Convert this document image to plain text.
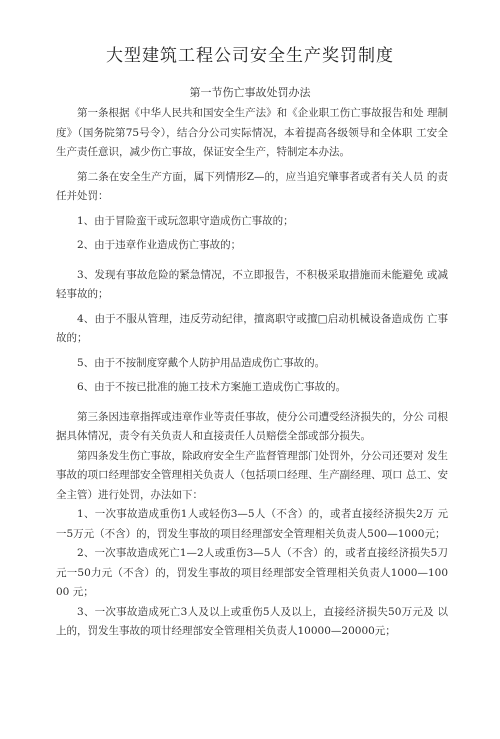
大型建筑工程公司安全生产奖罚制度
第一节伤亡事故处罚办法

第一条根据《中华人民共和国安全生产法》和《企业职工伤亡事故报告和处 理制度》（国务院第75号令），结合分公司实际情况，本着提高各级领导和全体职 工安全生产责任意识，减少伤亡事故，保证安全生产，特制定本办法。

第二条在安全生产方面，属下列情形Z—的，应当追究肇事者或者有关人员 的责任并处罚：

1、由于冒险蛮干或玩忽职守造成伤亡事故的；

2、由于违章作业造成伤亡事故的；

3、发现有事故危险的紧急情况，不立即报告，不积极采取措施而未能避免 或减轻事故的；

4、由于不服从管理，违反劳动纪律，擅离职守或擅□启动机械设备造成伤 亡事故的；

5、由于不按制度穿戴个人防护用品造成伤亡事故的。

6、由于不按已批准的施工技术方案施工造成伤亡事故的。

第三条因违章指挥或违章作业等责任事故，使分公司遭受经济损失的，分公 司根据具体情况，责令有关负责人和直接责任人员赔偿全部或部分损失。

第四条发生伤亡事故，除政府安全生产监督管理部门处罚外，分公司还要对 发生事故的项口经理部安全管理相关负责人（包括项口经理、生产副经理、项口 总工、安全主管）进行处罚，办法如下：

1、一次事故造成重伤1人或轻伤3—5人（不含）的，或者直接经济损失2万 元一5万元（不含）的，罚发生事故的项目经理部安全管理相关负责人500—1000元；

2、一次事故造成死亡1—2人或重伤3—5人（不含）的，或者直接经济损失5刀 元一50力元（不含）的，罚发生事故的项目经理部安全管理相关负责人1000—10000 元；

3、一次事故造成死亡3人及以上或重伤5人及以上，直接经济损失50万元及 以上的，罚发生事故的项廿经理部安全管理相关负责人10000—20000元；
